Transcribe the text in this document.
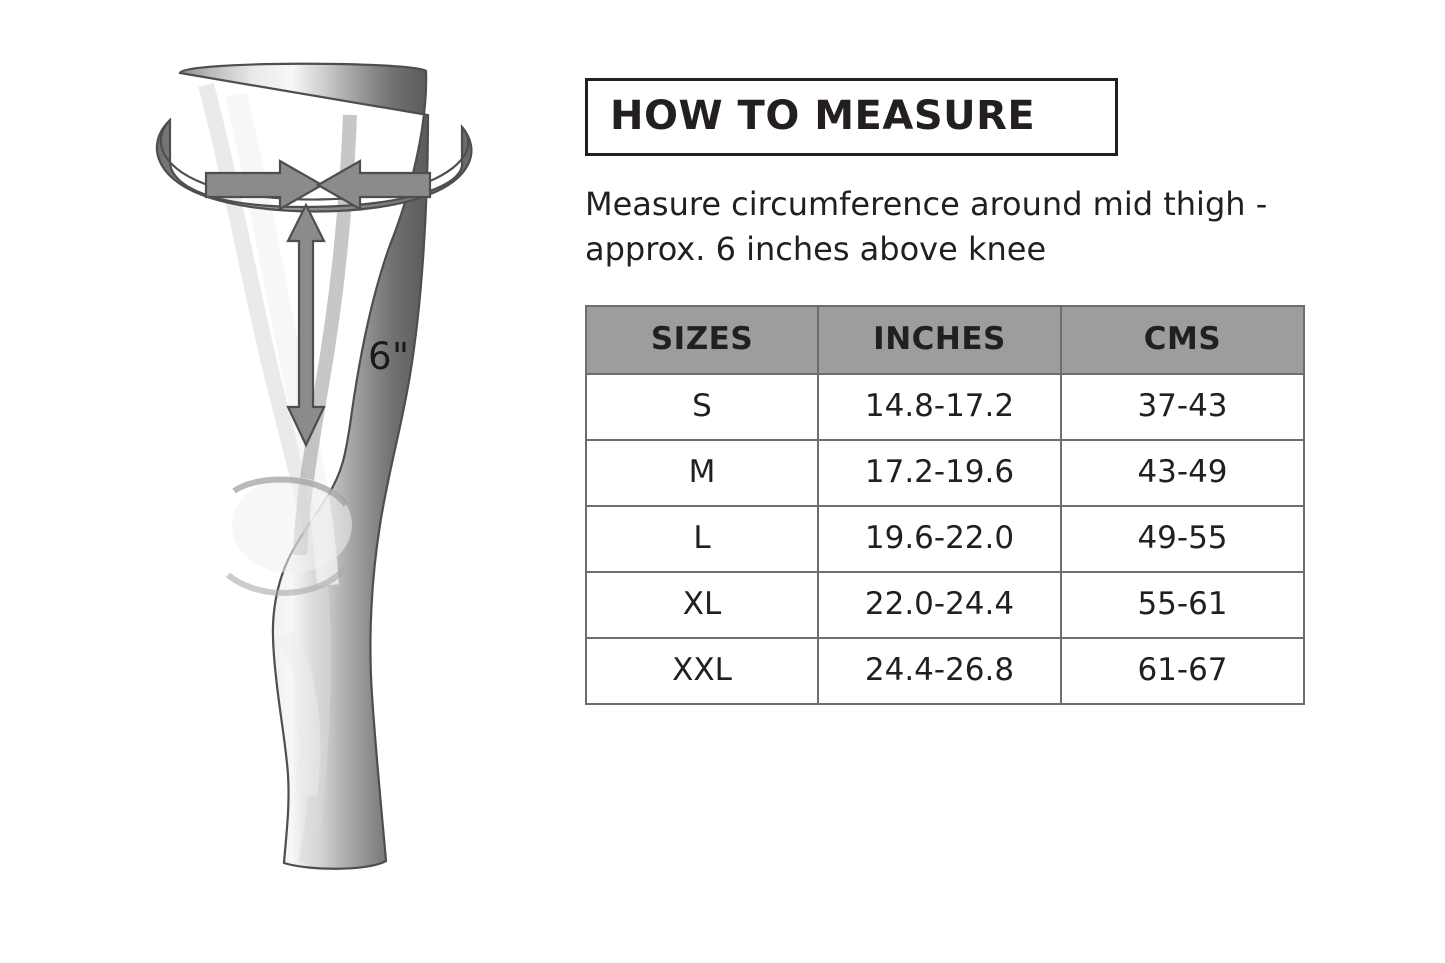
6"
HOW TO MEASURE
Measure circumference around mid thigh - approx. 6 inches above knee
SIZES	INCHES	CMS
S	14.8-17.2	37-43
M	17.2-19.6	43-49
L	19.6-22.0	49-55
XL	22.0-24.4	55-61
XXL	24.4-26.8	61-67
